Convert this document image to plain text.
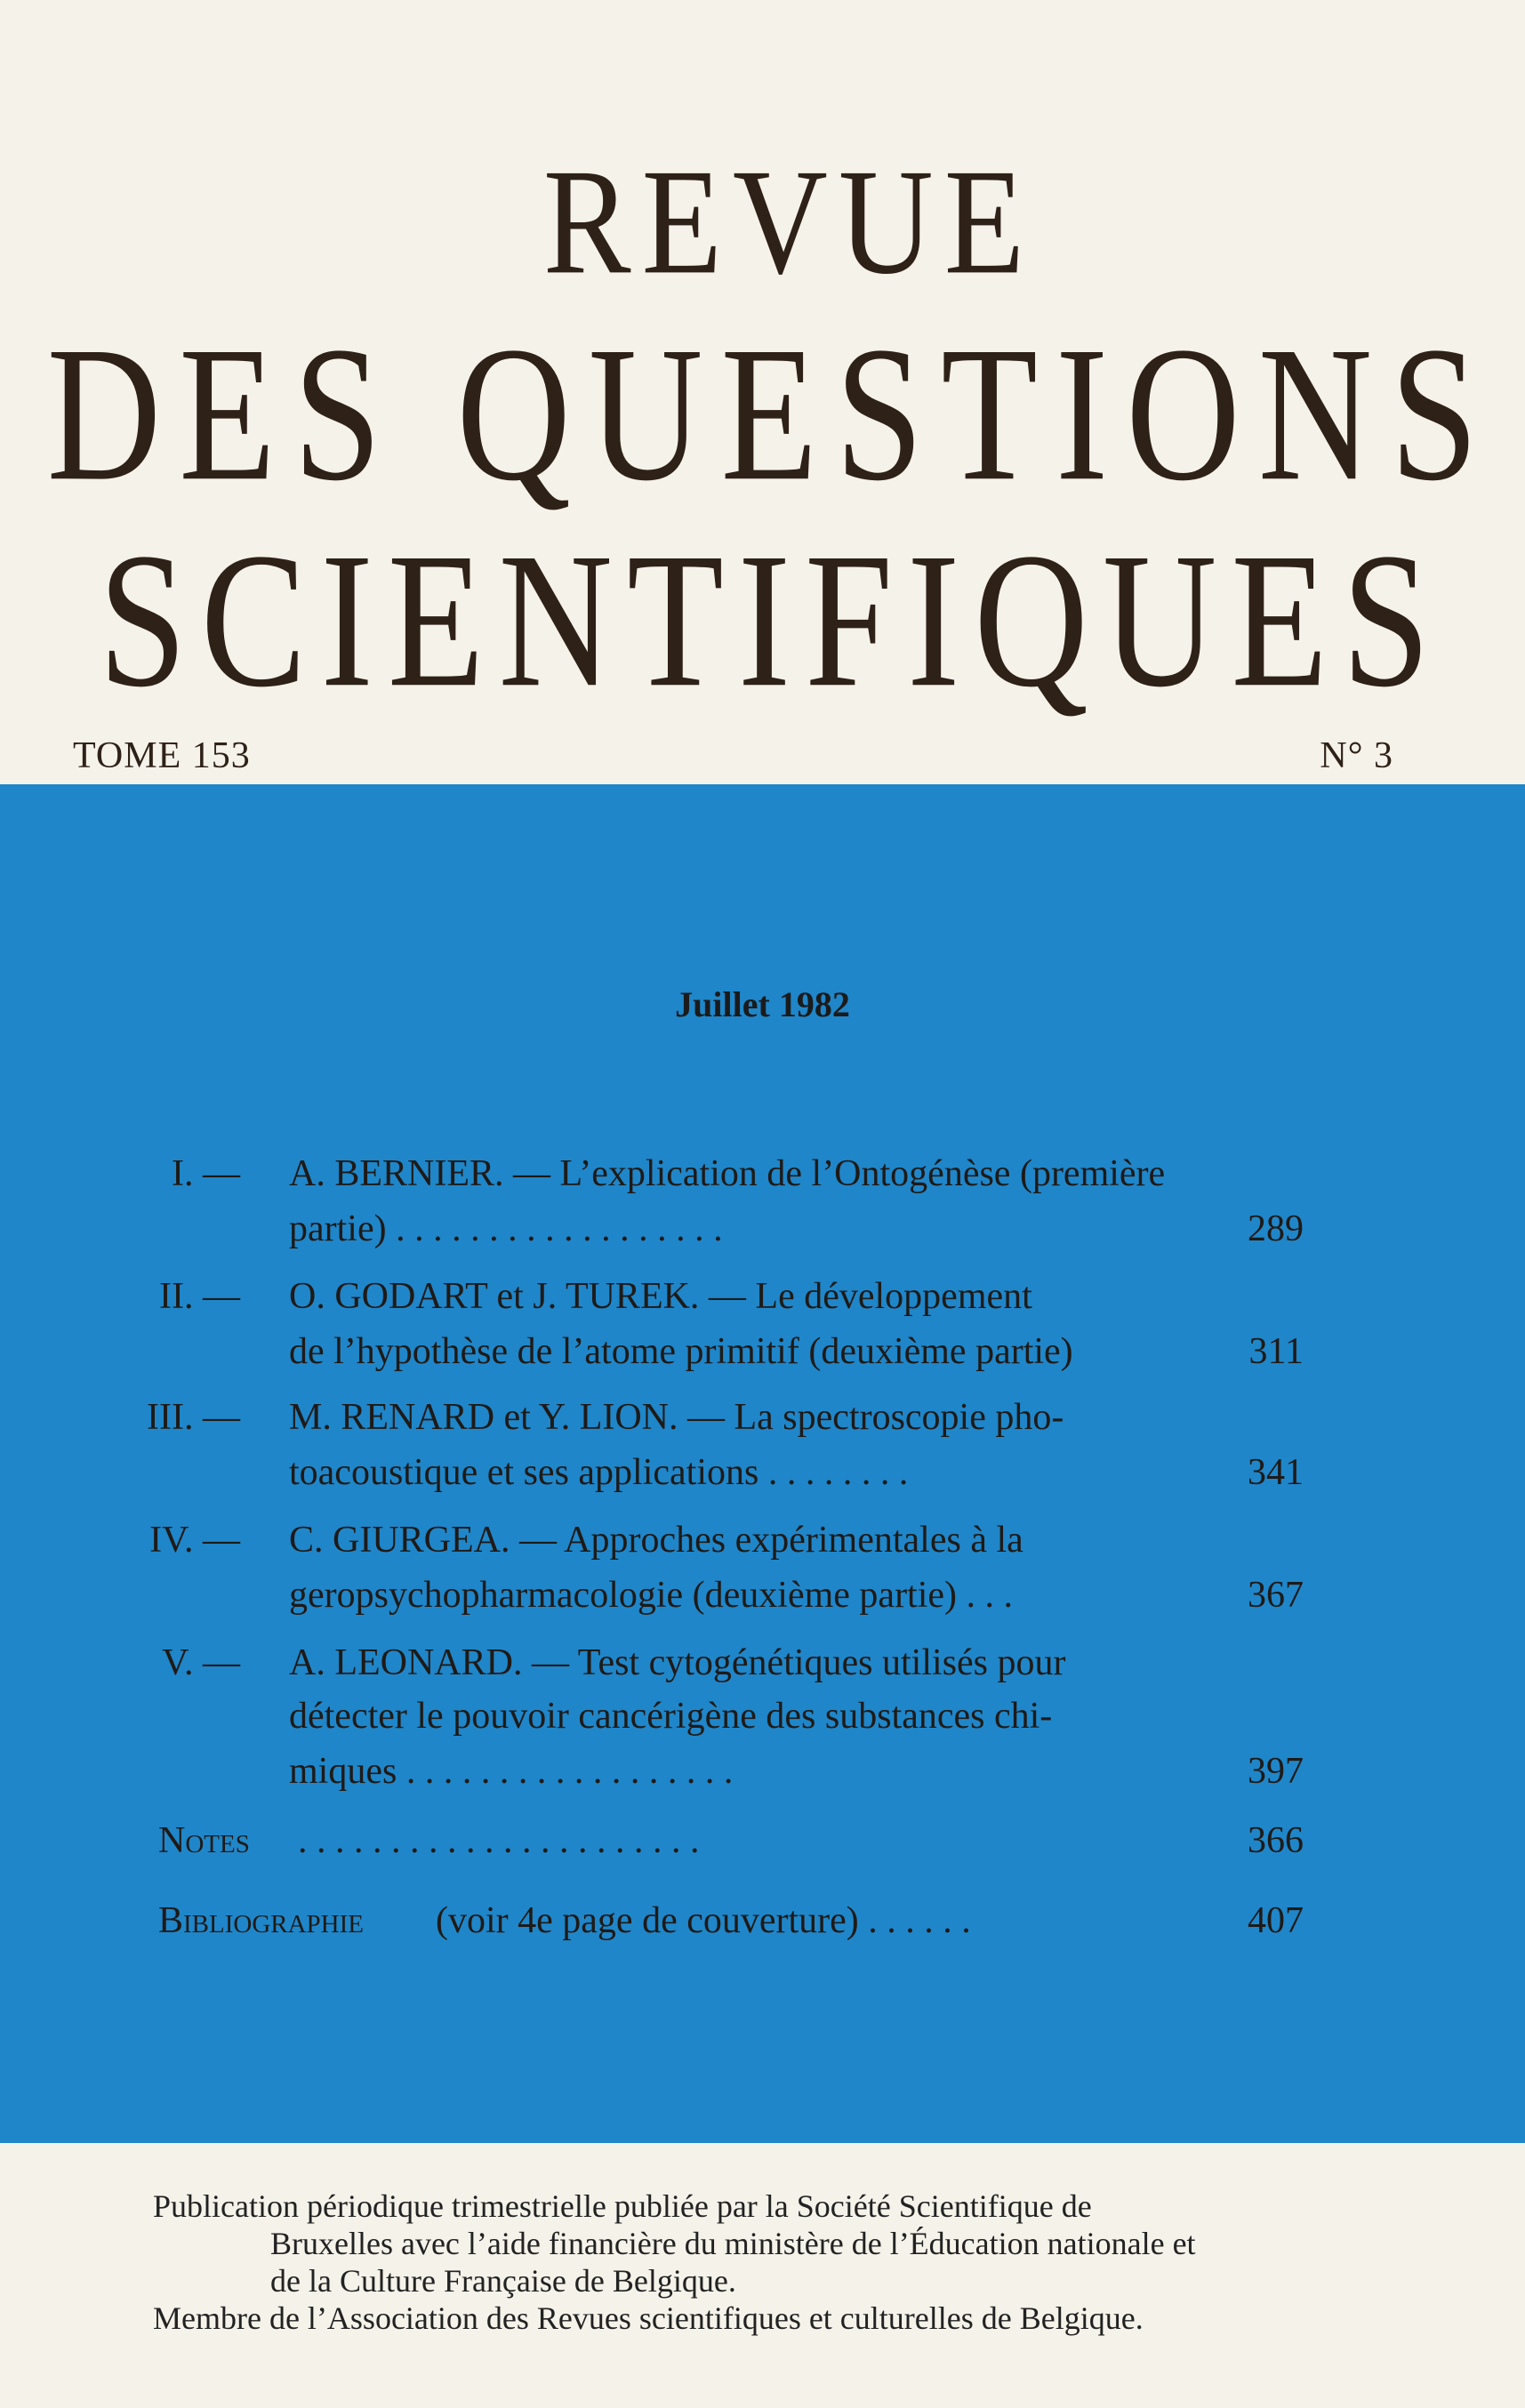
REVUE
DES QUESTIONS
SCIENTIFIQUES
TOME 153	N° 3
Juillet 1982
I. — A. BERNIER. — L’explication de l’Ontogénèse (première
partie) . . . . . . . . . . . . . . . . . .	289
II. — O. GODART et J. TUREK. — Le développement
de l’hypothèse de l’atome primitif (deuxième partie)	311
III. — M. RENARD et Y. LION. — La spectroscopie pho-
toacoustique et ses applications . . . . . . . .	341
IV. — C. GIURGEA. — Approches expérimentales à la
geropsychopharmacologie (deuxième partie) . . .	367
V. — A. LEONARD. — Test cytogénétiques utilisés pour
détecter le pouvoir cancérigène des substances chi-
miques . . . . . . . . . . . . . . . . . .	397
Notes . . . . . . . . . . . . . . . . . . . . . .	366
Bibliographie (voir 4e page de couverture) . . . . . .	407
Publication périodique trimestrielle publiée par la Société Scientifique de
Bruxelles avec l’aide financière du ministère de l’Éducation nationale et
de la Culture Française de Belgique.
Membre de l’Association des Revues scientifiques et culturelles de Belgique.
